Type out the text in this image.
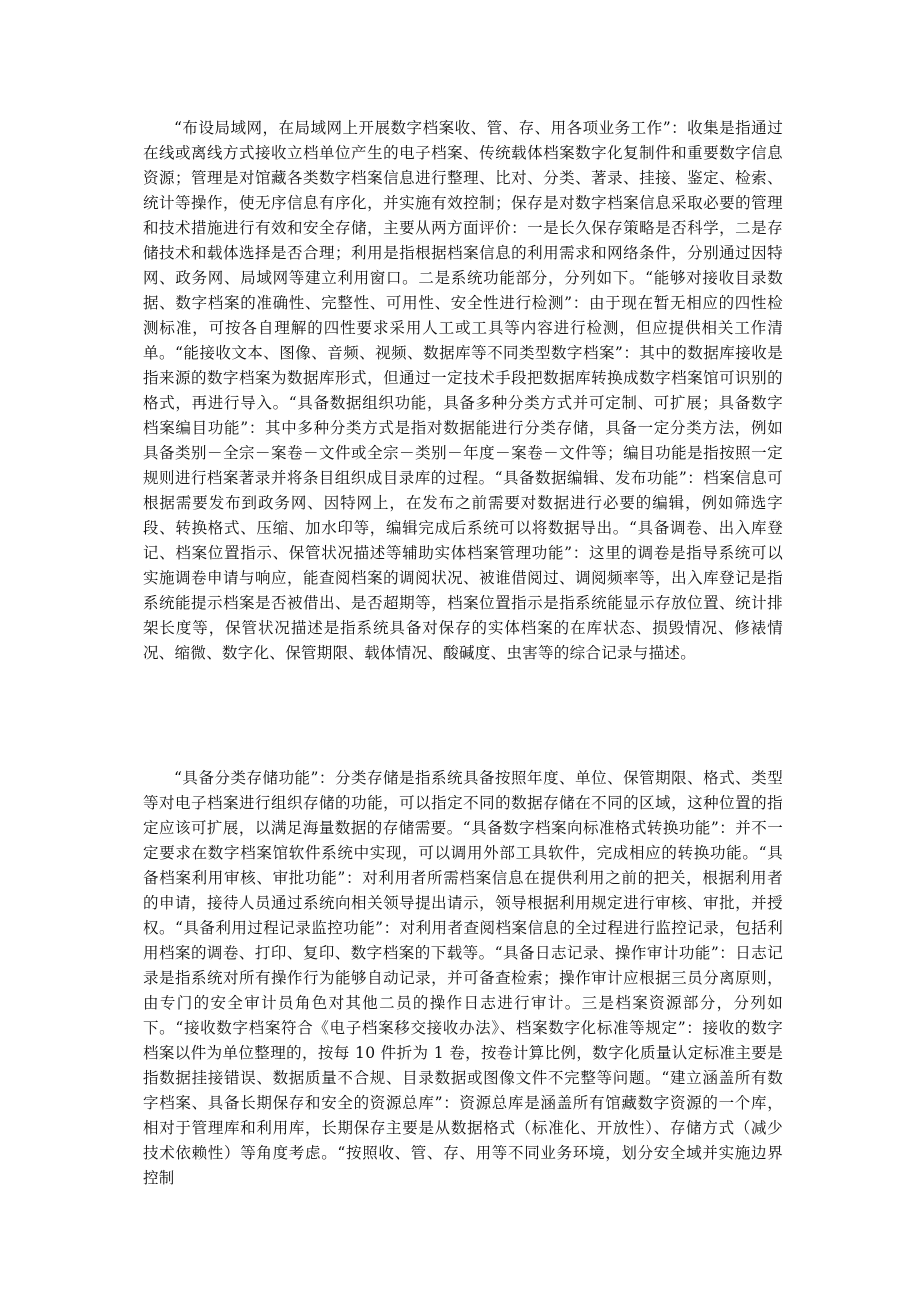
“布设局域网，在局域网上开展数字档案收、管、存、用各项业务工作”：收集是指通过在线或离线方式接收立档单位产生的电子档案、传统载体档案数字化复制件和重要数字信息资源；管理是对馆藏各类数字档案信息进行整理、比对、分类、著录、挂接、鉴定、检索、统计等操作，使无序信息有序化，并实施有效控制；保存是对数字档案信息采取必要的管理和技术措施进行有效和安全存储，主要从两方面评价：一是长久保存策略是否科学，二是存储技术和载体选择是否合理；利用是指根据档案信息的利用需求和网络条件，分别通过因特网、政务网、局域网等建立利用窗口。二是系统功能部分，分列如下。“能够对接收目录数据、数字档案的准确性、完整性、可用性、安全性进行检测”：由于现在暂无相应的四性检测标准，可按各自理解的四性要求采用人工或工具等内容进行检测，但应提供相关工作清单。“能接收文本、图像、音频、视频、数据库等不同类型数字档案”：其中的数据库接收是指来源的数字档案为数据库形式，但通过一定技术手段把数据库转换成数字档案馆可识别的格式，再进行导入。“具备数据组织功能，具备多种分类方式并可定制、可扩展；具备数字档案编目功能”：其中多种分类方式是指对数据能进行分类存储，具备一定分类方法，例如具备类别－全宗－案卷－文件或全宗－类别－年度－案卷－文件等；编目功能是指按照一定规则进行档案著录并将条目组织成目录库的过程。“具备数据编辑、发布功能”：档案信息可根据需要发布到政务网、因特网上，在发布之前需要对数据进行必要的编辑，例如筛选字段、转换格式、压缩、加水印等，编辑完成后系统可以将数据导出。“具备调卷、出入库登记、档案位置指示、保管状况描述等辅助实体档案管理功能”：这里的调卷是指导系统可以实施调卷申请与响应，能查阅档案的调阅状况、被谁借阅过、调阅频率等，出入库登记是指系统能提示档案是否被借出、是否超期等，档案位置指示是指系统能显示存放位置、统计排架长度等，保管状况描述是指系统具备对保存的实体档案的在库状态、损毁情况、修裱情况、缩微、数字化、保管期限、载体情况、酸碱度、虫害等的综合记录与描述。

“具备分类存储功能”：分类存储是指系统具备按照年度、单位、保管期限、格式、类型等对电子档案进行组织存储的功能，可以指定不同的数据存储在不同的区域，这种位置的指定应该可扩展，以满足海量数据的存储需要。“具备数字档案向标准格式转换功能”：并不一定要求在数字档案馆软件系统中实现，可以调用外部工具软件，完成相应的转换功能。“具备档案利用审核、审批功能”：对利用者所需档案信息在提供利用之前的把关，根据利用者的申请，接待人员通过系统向相关领导提出请示，领导根据利用规定进行审核、审批，并授权。“具备利用过程记录监控功能”：对利用者查阅档案信息的全过程进行监控记录，包括利用档案的调卷、打印、复印、数字档案的下载等。“具备日志记录、操作审计功能”：日志记录是指系统对所有操作行为能够自动记录，并可备查检索；操作审计应根据三员分离原则，由专门的安全审计员角色对其他二员的操作日志进行审计。三是档案资源部分，分列如下。“接收数字档案符合《电子档案移交接收办法》、档案数字化标准等规定”：接收的数字档案以件为单位整理的，按每 10 件折为 1 卷，按卷计算比例，数字化质量认定标准主要是指数据挂接错误、数据质量不合规、目录数据或图像文件不完整等问题。“建立涵盖所有数字档案、具备长期保存和安全的资源总库”：资源总库是涵盖所有馆藏数字资源的一个库，相对于管理库和利用库，长期保存主要是从数据格式（标准化、开放性）、存储方式（减少技术依赖性）等角度考虑。“按照收、管、存、用等不同业务环境，划分安全域并实施边界控制
